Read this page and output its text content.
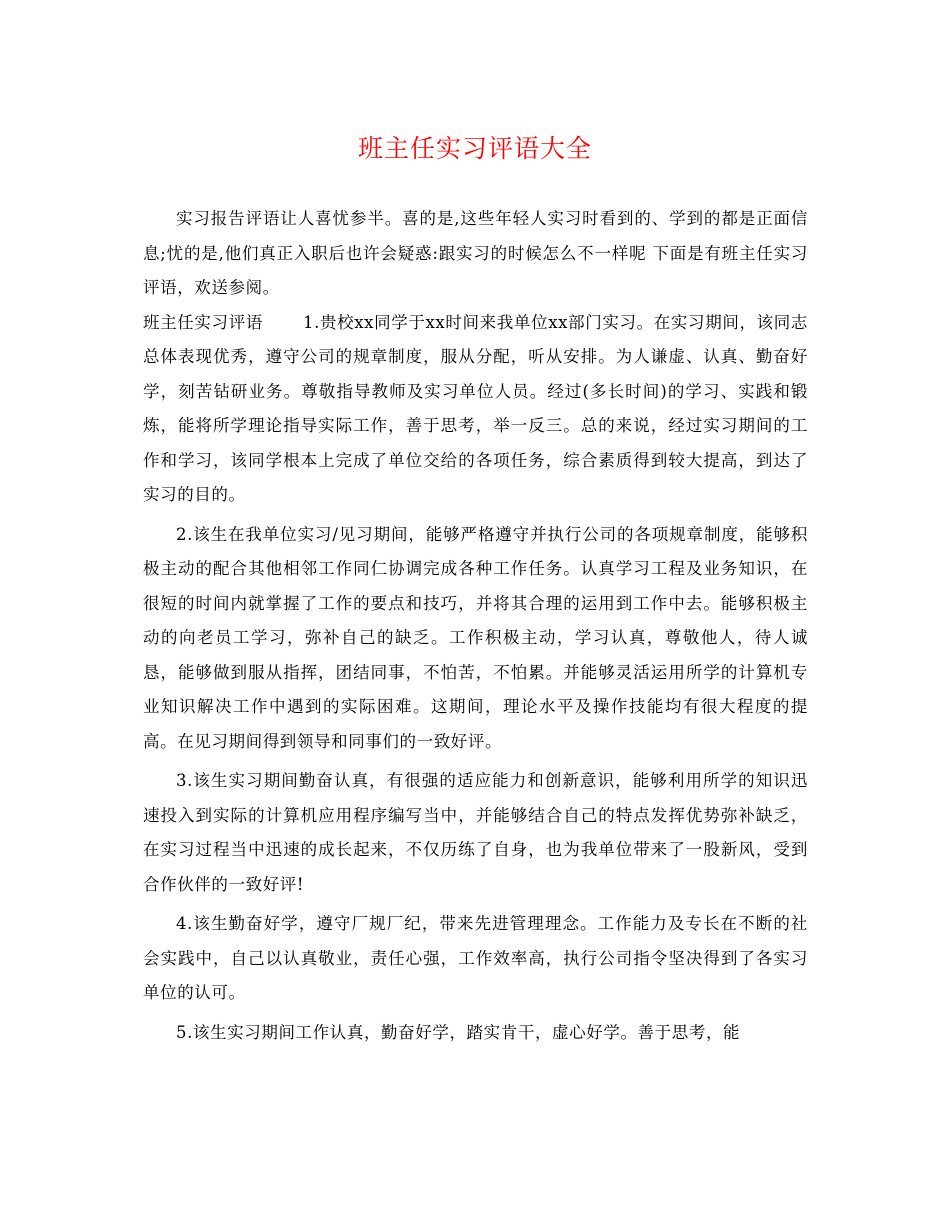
班主任实习评语大全

实习报告评语让人喜忧参半。喜的是,这些年轻人实习时看到的、学到的都是正面信息;忧的是,他们真正入职后也许会疑惑:跟实习的时候怎么不一样呢 下面是有班主任实习评语，欢送参阅。

班主任实习评语 1.贵校xx同学于xx时间来我单位xx部门实习。在实习期间，该同志总体表现优秀，遵守公司的规章制度，服从分配，听从安排。为人谦虚、认真、勤奋好学，刻苦钻研业务。尊敬指导教师及实习单位人员。经过(多长时间)的学习、实践和锻炼，能将所学理论指导实际工作，善于思考，举一反三。总的来说，经过实习期间的工作和学习，该同学根本上完成了单位交给的各项任务，综合素质得到较大提高，到达了实习的目的。

2.该生在我单位实习/见习期间，能够严格遵守并执行公司的各项规章制度，能够积极主动的配合其他相邻工作同仁协调完成各种工作任务。认真学习工程及业务知识，在很短的时间内就掌握了工作的要点和技巧，并将其合理的运用到工作中去。能够积极主动的向老员工学习，弥补自己的缺乏。工作积极主动，学习认真，尊敬他人，待人诚恳，能够做到服从指挥，团结同事，不怕苦，不怕累。并能够灵活运用所学的计算机专业知识解决工作中遇到的实际困难。这期间，理论水平及操作技能均有很大程度的提高。在见习期间得到领导和同事们的一致好评。

3.该生实习期间勤奋认真，有很强的适应能力和创新意识，能够利用所学的知识迅速投入到实际的计算机应用程序编写当中，并能够结合自己的特点发挥优势弥补缺乏，在实习过程当中迅速的成长起来，不仅历练了自身，也为我单位带来了一股新风，受到合作伙伴的一致好评!

4.该生勤奋好学，遵守厂规厂纪，带来先进管理理念。工作能力及专长在不断的社会实践中，自己以认真敬业，责任心强，工作效率高，执行公司指令坚决得到了各实习单位的认可。

5.该生实习期间工作认真，勤奋好学，踏实肯干，虚心好学。善于思考，能
